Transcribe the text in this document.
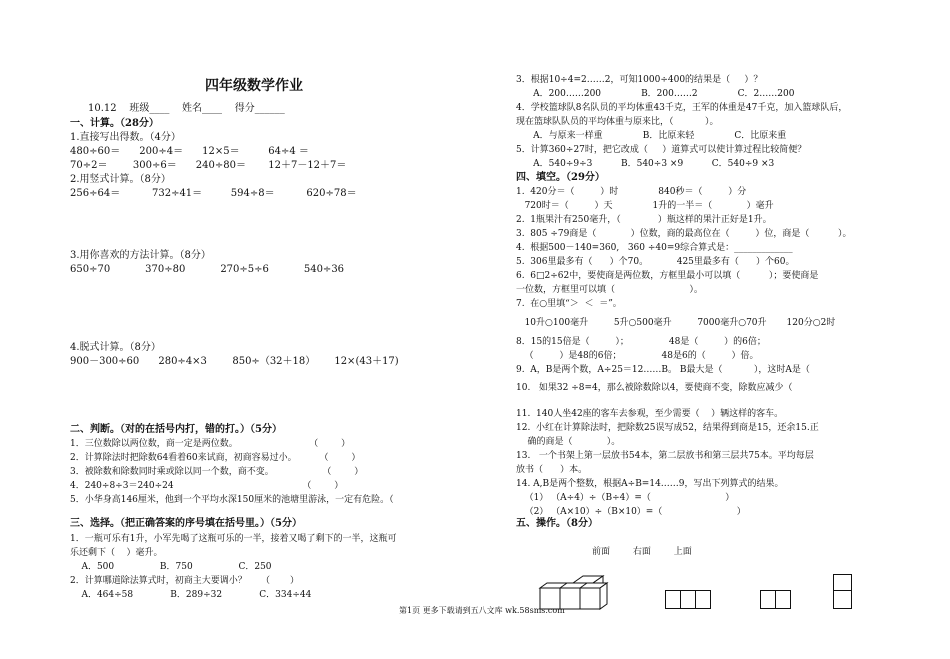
四年级数学作业
10.12    班级____    姓名____    得分______
一、计算。（28分）
1.直接写出得数。（4分）
480÷60＝      200÷4＝      12×5＝         64÷4 ＝
70÷2＝        300÷6＝      240÷80＝       12＋7－12＋7＝
2.用竖式计算。（8分）
256÷64＝          732÷41＝         594÷8＝          620÷78＝
3.用你喜欢的方法计算。（8分）
650÷70           370÷80           270÷5÷6           540÷36
4.脱式计算。（8分）
900－300÷60      280÷4×3        850÷（32＋18）      12×(43＋17)
二、判断。（对的在括号内打，错的打。）（5分）
1．三位数除以两位数，商一定是两位数。                         （        ）
2．计算除法时把除数64看着60来试商，初商容易过小。        （        ）
3．被除数和除数同时乘或除以同一个数，商不变。                 （        ）
4．240÷8÷3＝240÷24                                             （        ）
5．小华身高146厘米，他到一个平均水深150厘米的池塘里游泳，一定有危险。（
三、选择。（把正确答案的序号填在括号里。）（5分）
1．一瓶可乐有1升，小军先喝了这瓶可乐的一半，接着又喝了剩下的一半，这瓶可
乐还剩下（    ）毫升。
A．500                B．750                C．250
2．计算哪道除法算式时，初商主大要调小？     （       ）
A．464÷58             B．289÷32             C．334÷44
3．根据10÷4=2……2，可知1000÷400的结果是（     ）？
A．200……200              B．200……2              C．2……200
4．学校篮球队8名队员的平均体重43千克，王军的体重是47千克，加入篮球队后，
现在篮球队队员的平均体重与原来比，（           ）。
A．与原来一样重              B．比原来轻              C．比原来重
5．计算360÷27时，把它改成（     ）道算式可以使计算过程比较简便？
A．540÷9÷3          B．540÷3 ×9          C．540÷9 ×3
四、填空。（29分）
1.  420分＝（         ）时              840秒＝（         ）分
720时＝（         ）天              1升的一半＝（            ）毫升
2.  1瓶果汁有250毫升，（             ）瓶这样的果汁正好是1升。
3.  805 ÷79商是（            ）位数，商的最高位在（         ）位，商是（          ）。
4.  根据500－140=360,   360 ÷40=9综合算式是：_____________
5.  306里最多有（      ）个70。          425里最多有（      ）个60。
6.  6□2÷62中，要使商是两位数，方框里最小可以填（          ）；要使商是
一位数，方框里可以填（                          ）。
7.  在○里填“＞  ＜  ＝”。
10升○100毫升         5升○500毫升         7000毫升○70升       120分○2时
8．15的15倍是（         ）；              48是（         ）的6倍；
（         ）是48的6倍；              48是6的（         ）倍。
9.  A，B是两个数，A÷25＝12……B。 B最大是（           ），这时A是（
10.   如果32 ÷8=4，那么被除数除以4，要使商不变，除数应减少（
11.  140人坐42座的客车去参观，至少需要（    ）辆这样的客车。
12.  小红在计算除法时，把除数25误写成52，结果得到商是15，还余15.正
确的商是（            ）。
13.   一个书架上第一层放书54本，第二层放书和第三层共75本。平均每层
放书（      ）本。
14. A,B是两个整数，根据A÷B=14……9，写出下列算式的结果。
（1） （A÷4）÷（B÷4）=（                          ）
（2） （A×10）÷（B×10）=（                          ）
五、操作。（8分）
前面        右面        上面
第1页 更多下载请到五八文库 wk.58sms.com
